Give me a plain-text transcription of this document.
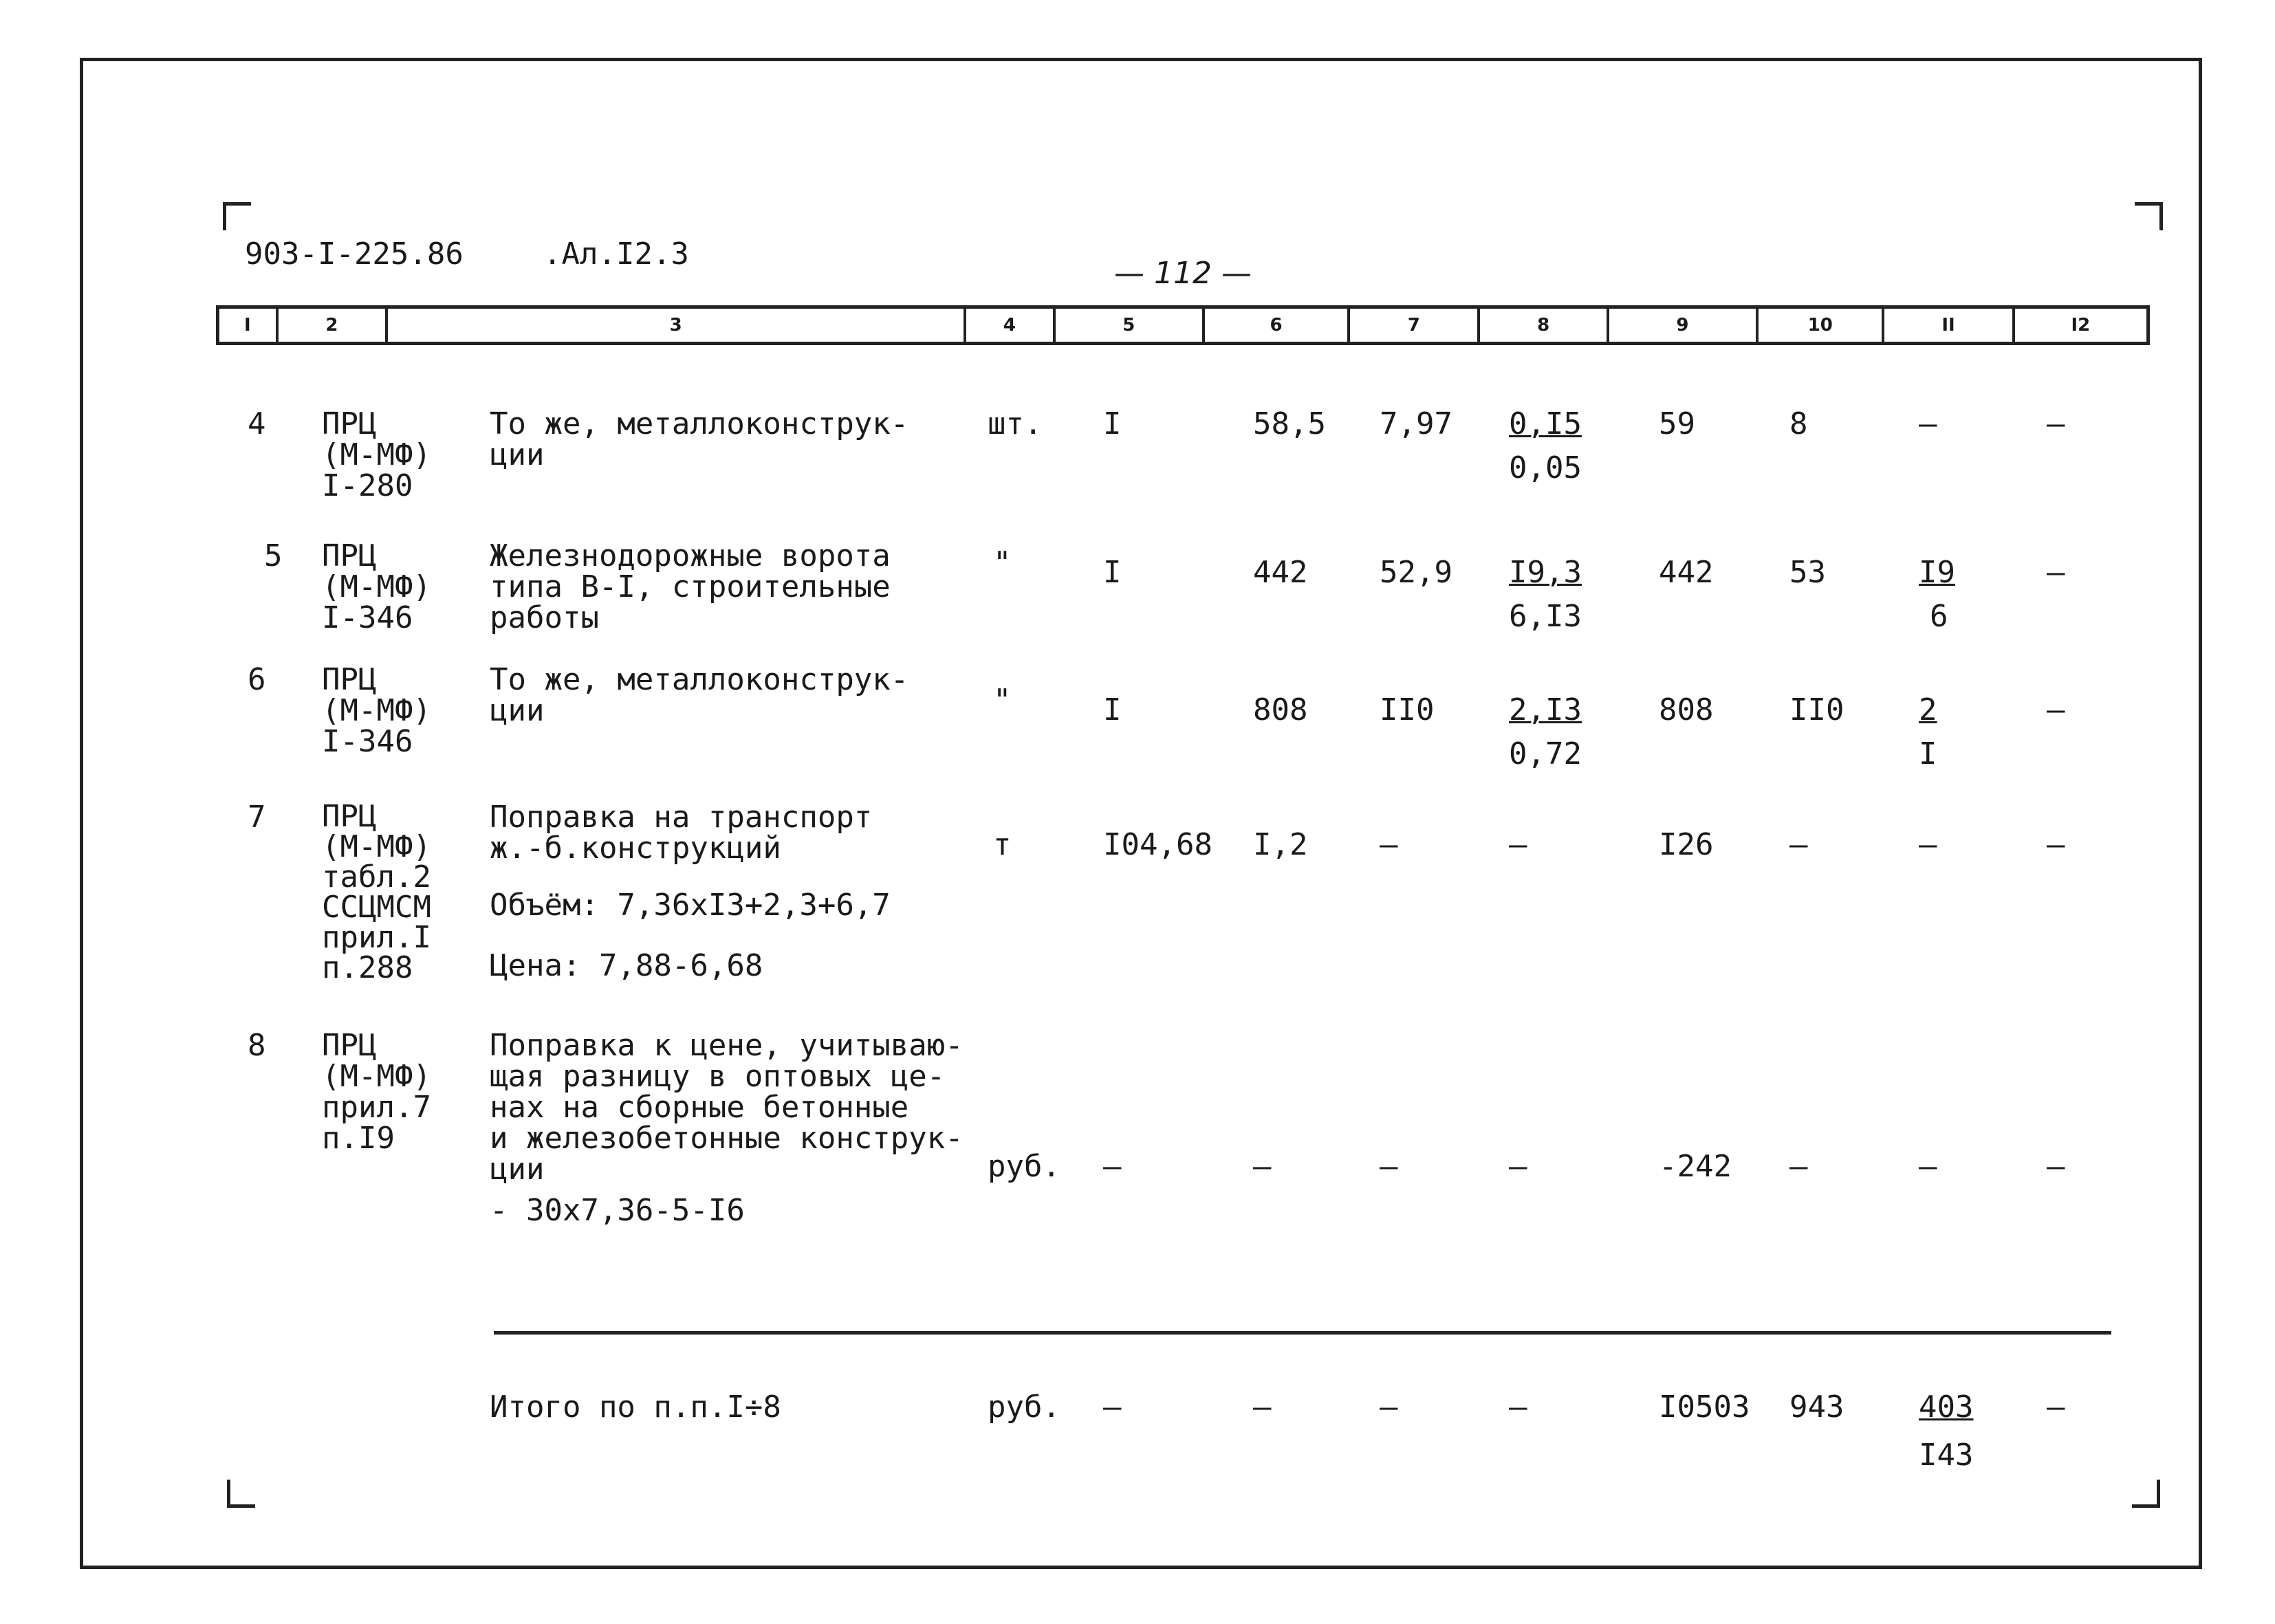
903-I-225.86	.Ал.I2.3
— 112 —
I	2	3	4	5	6	7	8	9	10	II	I2
4 ПРЦ
(М-МФ)
I-280
То же, металлоконструк-
ции
шт. I	58,5 7,97 0,I5
0,05
59	8	–	–
5 ПРЦ
(М-МФ)
I-346
Железнодорожные ворота
типа В-I, строительные
работы
"	I	442 52,9 I9,3
6,I3
442	53	I9
6
–
6 ПРЦ
(М-МФ)
I-346
То же, металлоконструк-
ции	"	I	808 II0 2,I3
0,72
808	II0 2
I
–
7 ПРЦ
(М-МФ)
табл.2
ССЦМСМ
прил.I
п.288
Поправка на транспорт
ж.-б.конструкций
Объём: 7,36хI3+2,3+6,7
Цена: 7,88-6,68
т	I04,68 I,2 –	–	I26	–	–	–
8 ПРЦ
(М-МФ)
прил.7
п.I9
Поправка к цене, учитываю-
щая разницу в оптовых це-
нах на сборные бетонные
и железобетонные конструк-
ции
- 30х7,36-5-I6
руб. –	–	–	–	-242 –	–	–
Итого по п.п.I÷8	руб. –	–	–	–	I0503 943 403
I43
–
